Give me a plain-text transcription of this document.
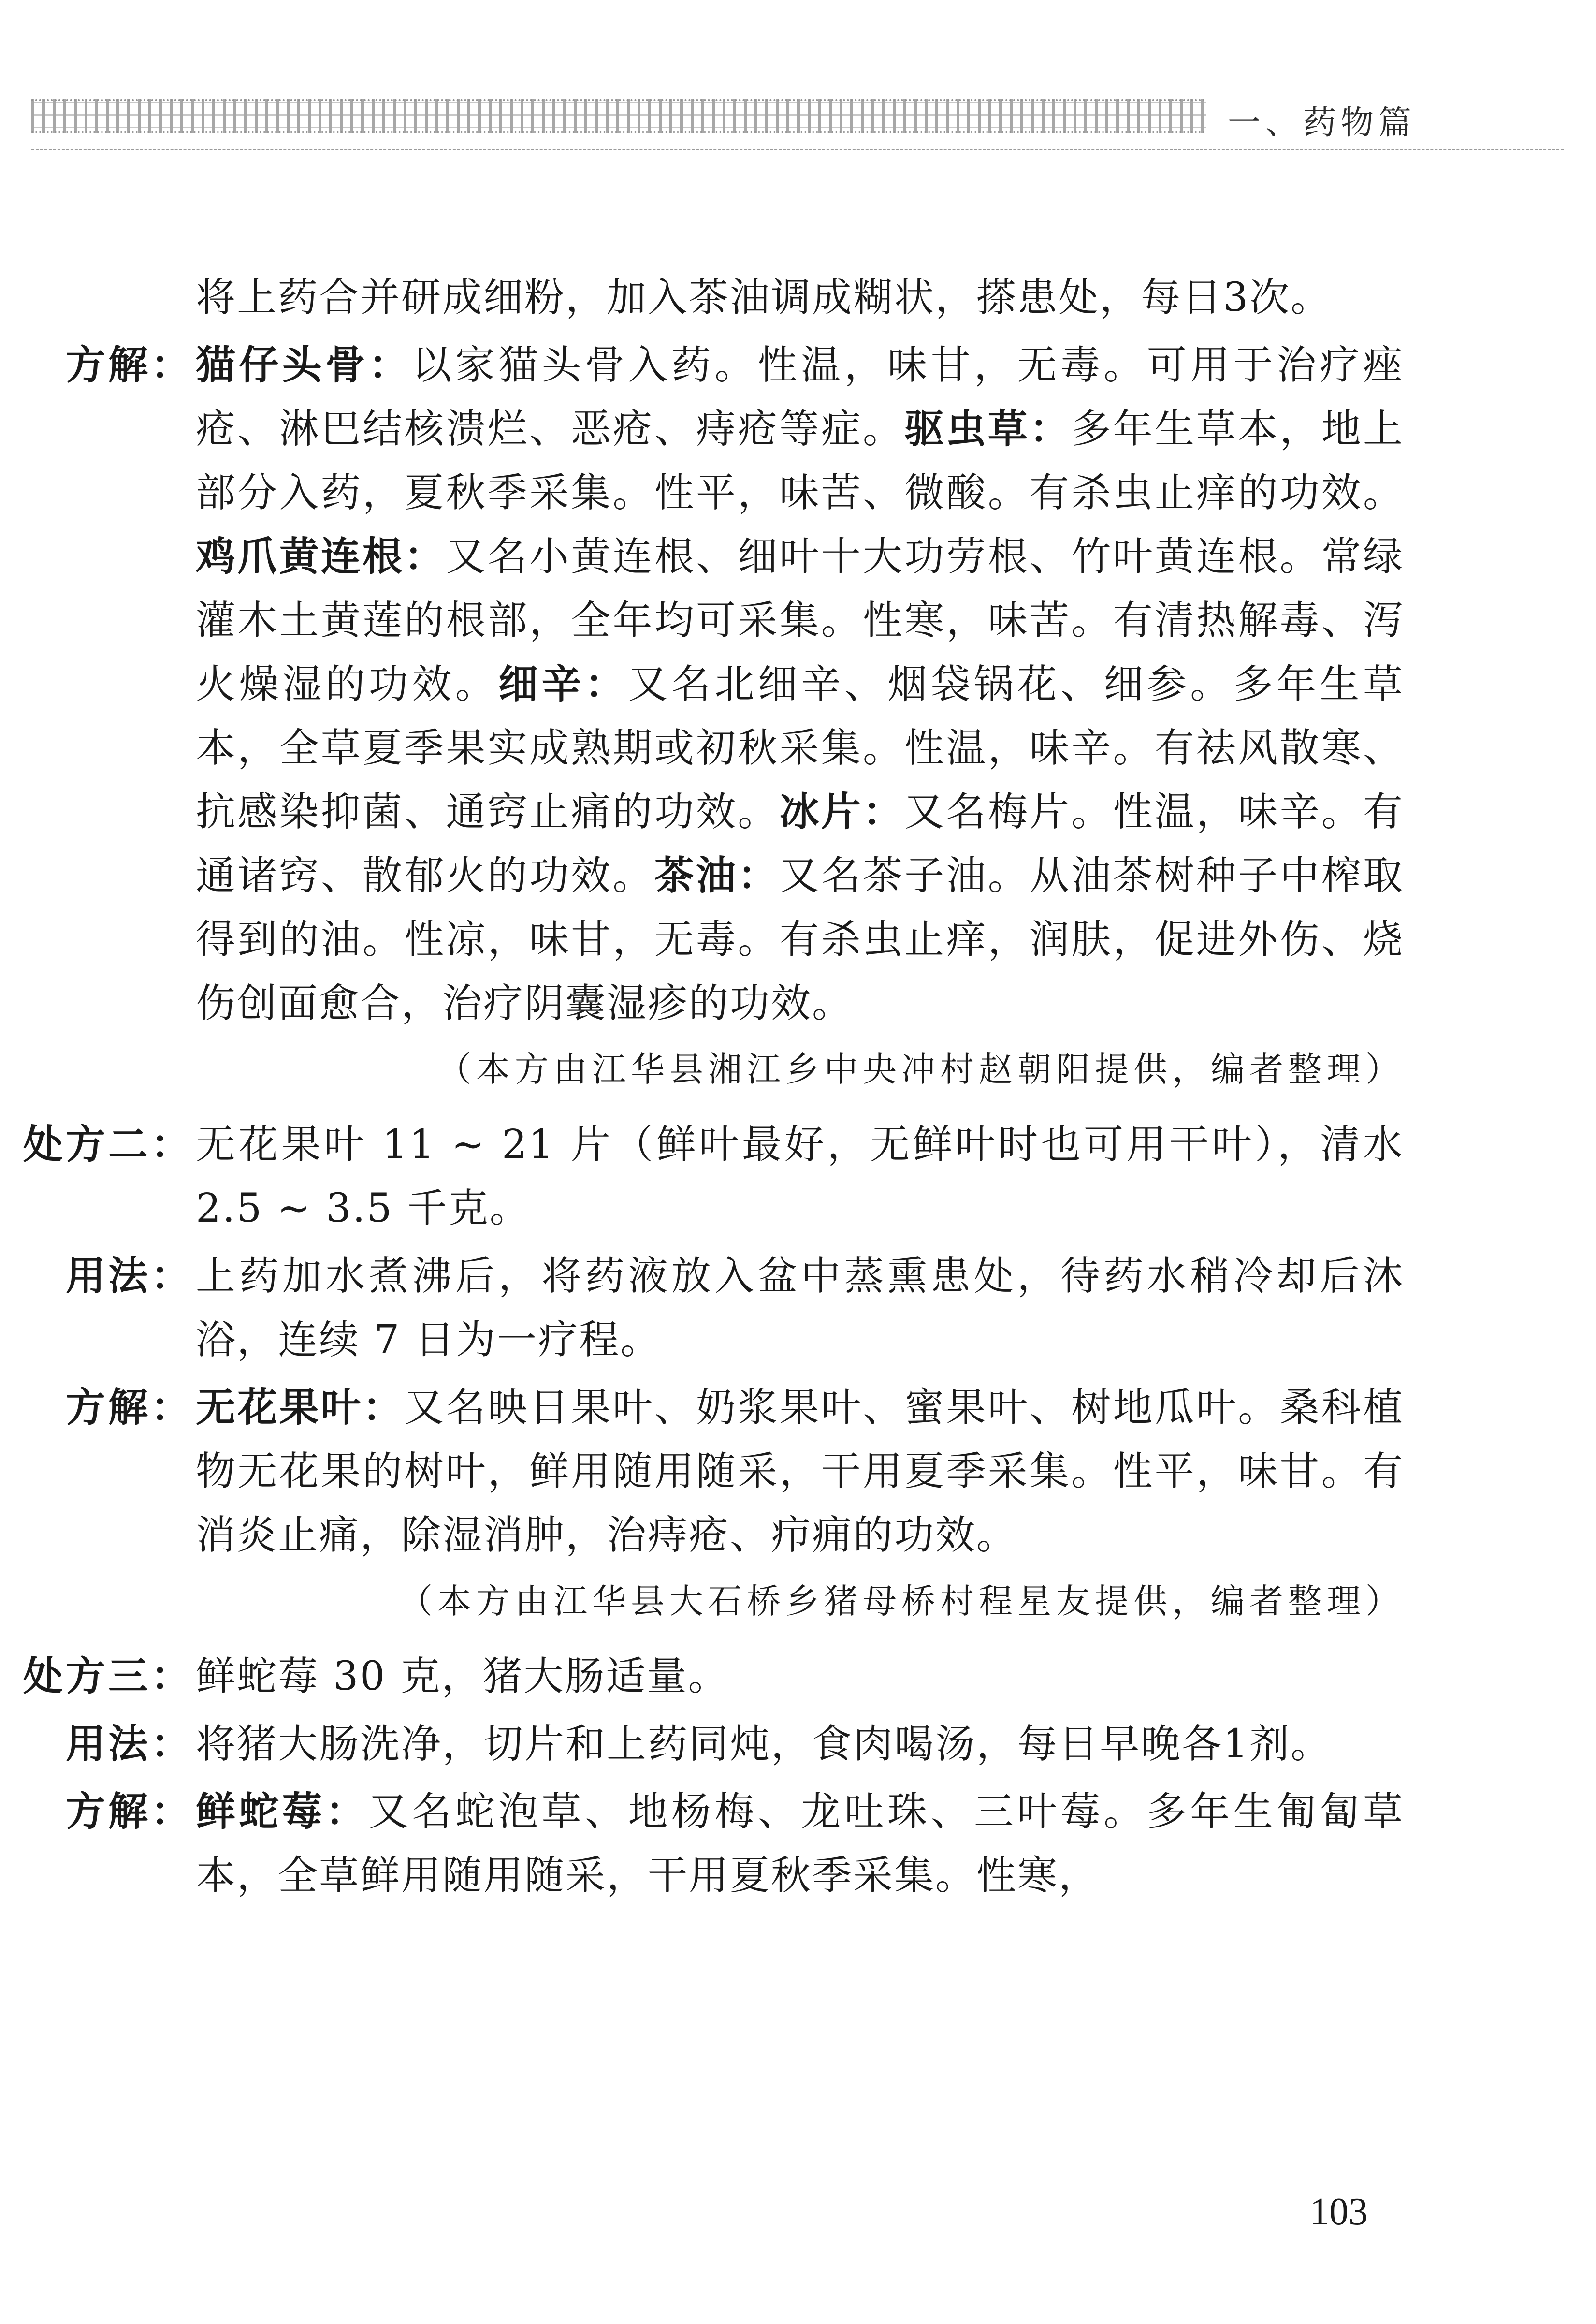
一、药物篇

将上药合并研成细粉，加入茶油调成糊状，搽患处，每日3次。

方解： 猫仔头骨：以家猫头骨入药。性温，味甘，无毒。可用于治疗痤疮、淋巴结核溃烂、恶疮、痔疮等症。驱虫草：多年生草本，地上部分入药，夏秋季采集。性平，味苦、微酸。有杀虫止痒的功效。鸡爪黄连根：又名小黄连根、细叶十大功劳根、竹叶黄连根。常绿灌木土黄莲的根部，全年均可采集。性寒，味苦。有清热解毒、泻火燥湿的功效。细辛：又名北细辛、烟袋锅花、细参。多年生草本，全草夏季果实成熟期或初秋采集。性温，味辛。有祛风散寒、抗感染抑菌、通窍止痛的功效。冰片：又名梅片。性温，味辛。有通诸窍、散郁火的功效。茶油：又名茶子油。从油茶树种子中榨取得到的油。性凉，味甘，无毒。有杀虫止痒，润肤，促进外伤、烧伤创面愈合，治疗阴囊湿疹的功效。
（本方由江华县湘江乡中央冲村赵朝阳提供，编者整理）
处方二： 无花果叶 11 ~ 21 片（鲜叶最好，无鲜叶时也可用干叶），清水 2.5 ~ 3.5 千克。
用法： 上药加水煮沸后，将药液放入盆中蒸熏患处，待药水稍冷却后沐浴，连续 7 日为一疗程。
方解： 无花果叶：又名映日果叶、奶浆果叶、蜜果叶、树地瓜叶。桑科植物无花果的树叶，鲜用随用随采，干用夏季采集。性平，味甘。有消炎止痛，除湿消肿，治痔疮、疖痈的功效。
（本方由江华县大石桥乡猪母桥村程星友提供，编者整理）
处方三： 鲜蛇莓 30 克，猪大肠适量。
用法： 将猪大肠洗净，切片和上药同炖，食肉喝汤，每日早晚各1剂。
方解： 鲜蛇莓：又名蛇泡草、地杨梅、龙吐珠、三叶莓。多年生匍匐草本，全草鲜用随用随采，干用夏秋季采集。性寒，
103
